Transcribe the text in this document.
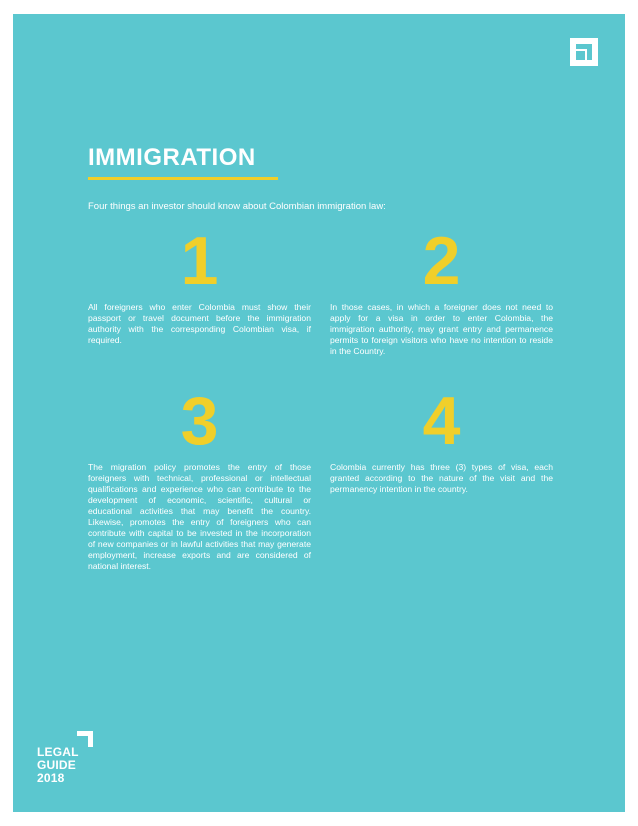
IMMIGRATION
Four things an investor should know about Colombian immigration law:
1

All foreigners who enter Colombia must show their passport or travel document before the immigration authority with the corresponding Colombian visa, if required.

2

In those cases, in which a foreigner does not need to apply for a visa in order to enter Colombia, the immigration authority, may grant entry and permanence permits to foreign visitors who have no intention to reside in the Country.

3

The migration policy promotes the entry of those foreigners with technical, professional or intellectual qualifications and experience who can contribute to the development of economic, scientific, cultural or educational activities that may benefit the country. Likewise, promotes the entry of foreigners who can contribute with capital to be invested in the incorporation of new companies or in lawful activities that may generate employment, increase exports and are considered of national interest.

4

Colombia currently has three (3) types of visa, each granted according to the nature of the visit and the permanency intention in the country.

LEGAL
GUIDE
2018
